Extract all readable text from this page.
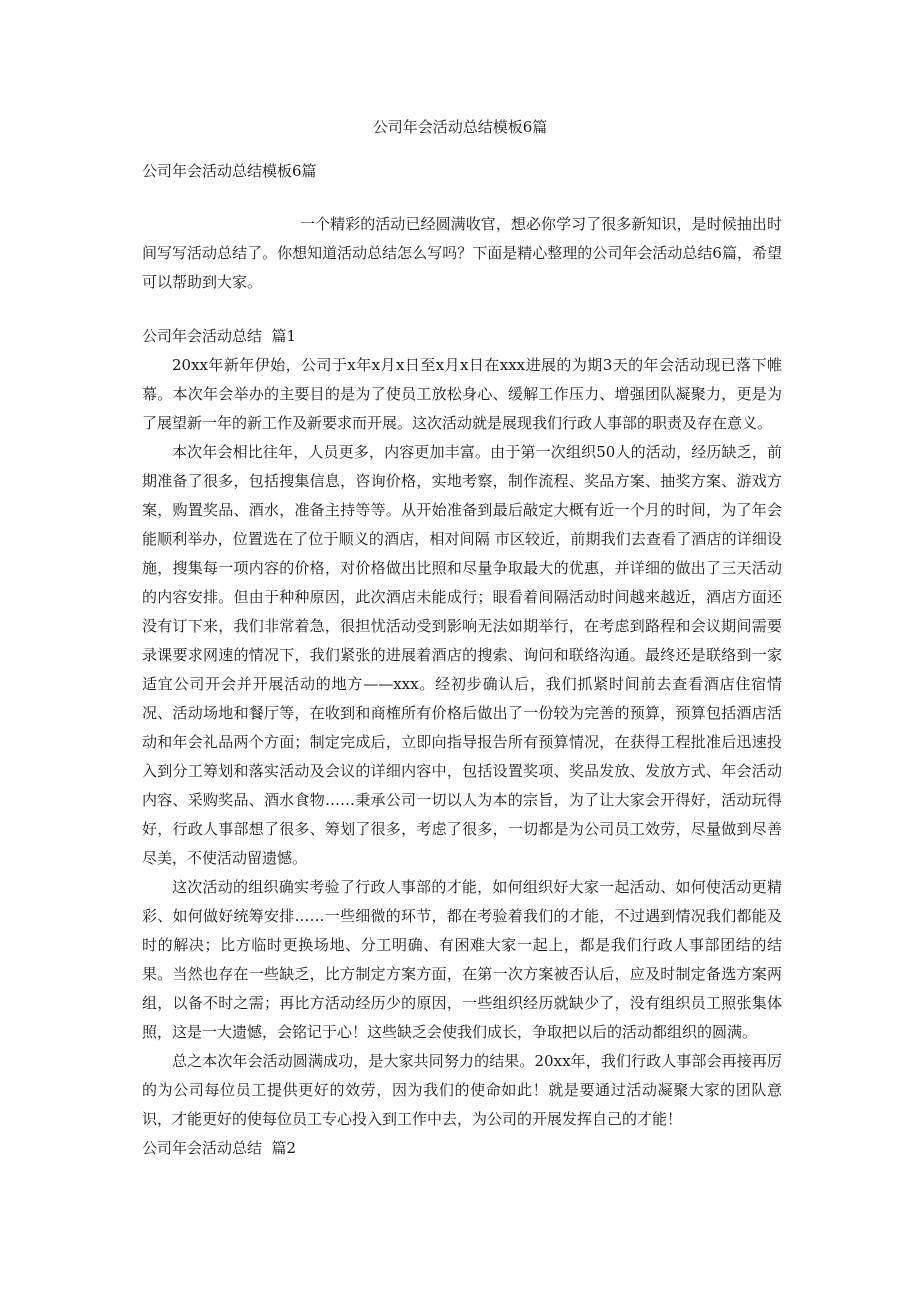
公司年会活动总结模板6篇
公司年会活动总结模板6篇
一个精彩的活动已经圆满收官，想必你学习了很多新知识，是时候抽出时间写写活动总结了。你想知道活动总结怎么写吗？下面是精心整理的公司年会活动总结6篇，希望可以帮助到大家。

公司年会活动总结  篇1

20xx年新年伊始，公司于x年x月x日至x月x日在xxx进展的为期3天的年会活动现已落下帷幕。本次年会举办的主要目的是为了使员工放松身心、缓解工作压力、增强团队凝聚力，更是为了展望新一年的新工作及新要求而开展。这次活动就是展现我们行政人事部的职责及存在意义。

本次年会相比往年，人员更多，内容更加丰富。由于第一次组织50人的活动，经历缺乏，前期准备了很多，包括搜集信息，咨询价格，实地考察，制作流程、奖品方案、抽奖方案、游戏方案，购置奖品、酒水，准备主持等等。从开始准备到最后敲定大概有近一个月的时间，为了年会能顺利举办，位置选在了位于顺义的酒店，相对间隔 市区较近，前期我们去查看了酒店的详细设施，搜集每一项内容的价格，对价格做出比照和尽量争取最大的优惠，并详细的做出了三天活动的内容安排。但由于种种原因，此次酒店未能成行；眼看着间隔活动时间越来越近，酒店方面还没有订下来，我们非常着急，很担忧活动受到影响无法如期举行，在考虑到路程和会议期间需要录课要求网速的情况下，我们紧张的进展着酒店的搜索、询问和联络沟通。最终还是联络到一家适宜公司开会并开展活动的地方——xxx。经初步确认后，我们抓紧时间前去查看酒店住宿情况、活动场地和餐厅等，在收到和商榷所有价格后做出了一份较为完善的预算，预算包括酒店活动和年会礼品两个方面；制定完成后，立即向指导报告所有预算情况，在获得工程批准后迅速投入到分工筹划和落实活动及会议的详细内容中，包括设置奖项、奖品发放、发放方式、年会活动内容、采购奖品、酒水食物……秉承公司一切以人为本的宗旨，为了让大家会开得好，活动玩得好，行政人事部想了很多、筹划了很多，考虑了很多，一切都是为公司员工效劳，尽量做到尽善尽美，不使活动留遗憾。

这次活动的组织确实考验了行政人事部的才能，如何组织好大家一起活动、如何使活动更精彩、如何做好统筹安排……一些细微的环节，都在考验着我们的才能，不过遇到情况我们都能及时的解决；比方临时更换场地、分工明确、有困难大家一起上，都是我们行政人事部团结的结果。当然也存在一些缺乏，比方制定方案方面，在第一次方案被否认后，应及时制定备选方案两组，以备不时之需；再比方活动经历少的原因，一些组织经历就缺少了，没有组织员工照张集体照，这是一大遗憾，会铭记于心！这些缺乏会使我们成长，争取把以后的活动都组织的圆满。

总之本次年会活动圆满成功，是大家共同努力的结果。20xx年，我们行政人事部会再接再厉的为公司每位员工提供更好的效劳，因为我们的使命如此！就是要通过活动凝聚大家的团队意识，才能更好的使每位员工专心投入到工作中去，为公司的开展发挥自己的才能！

公司年会活动总结  篇2
